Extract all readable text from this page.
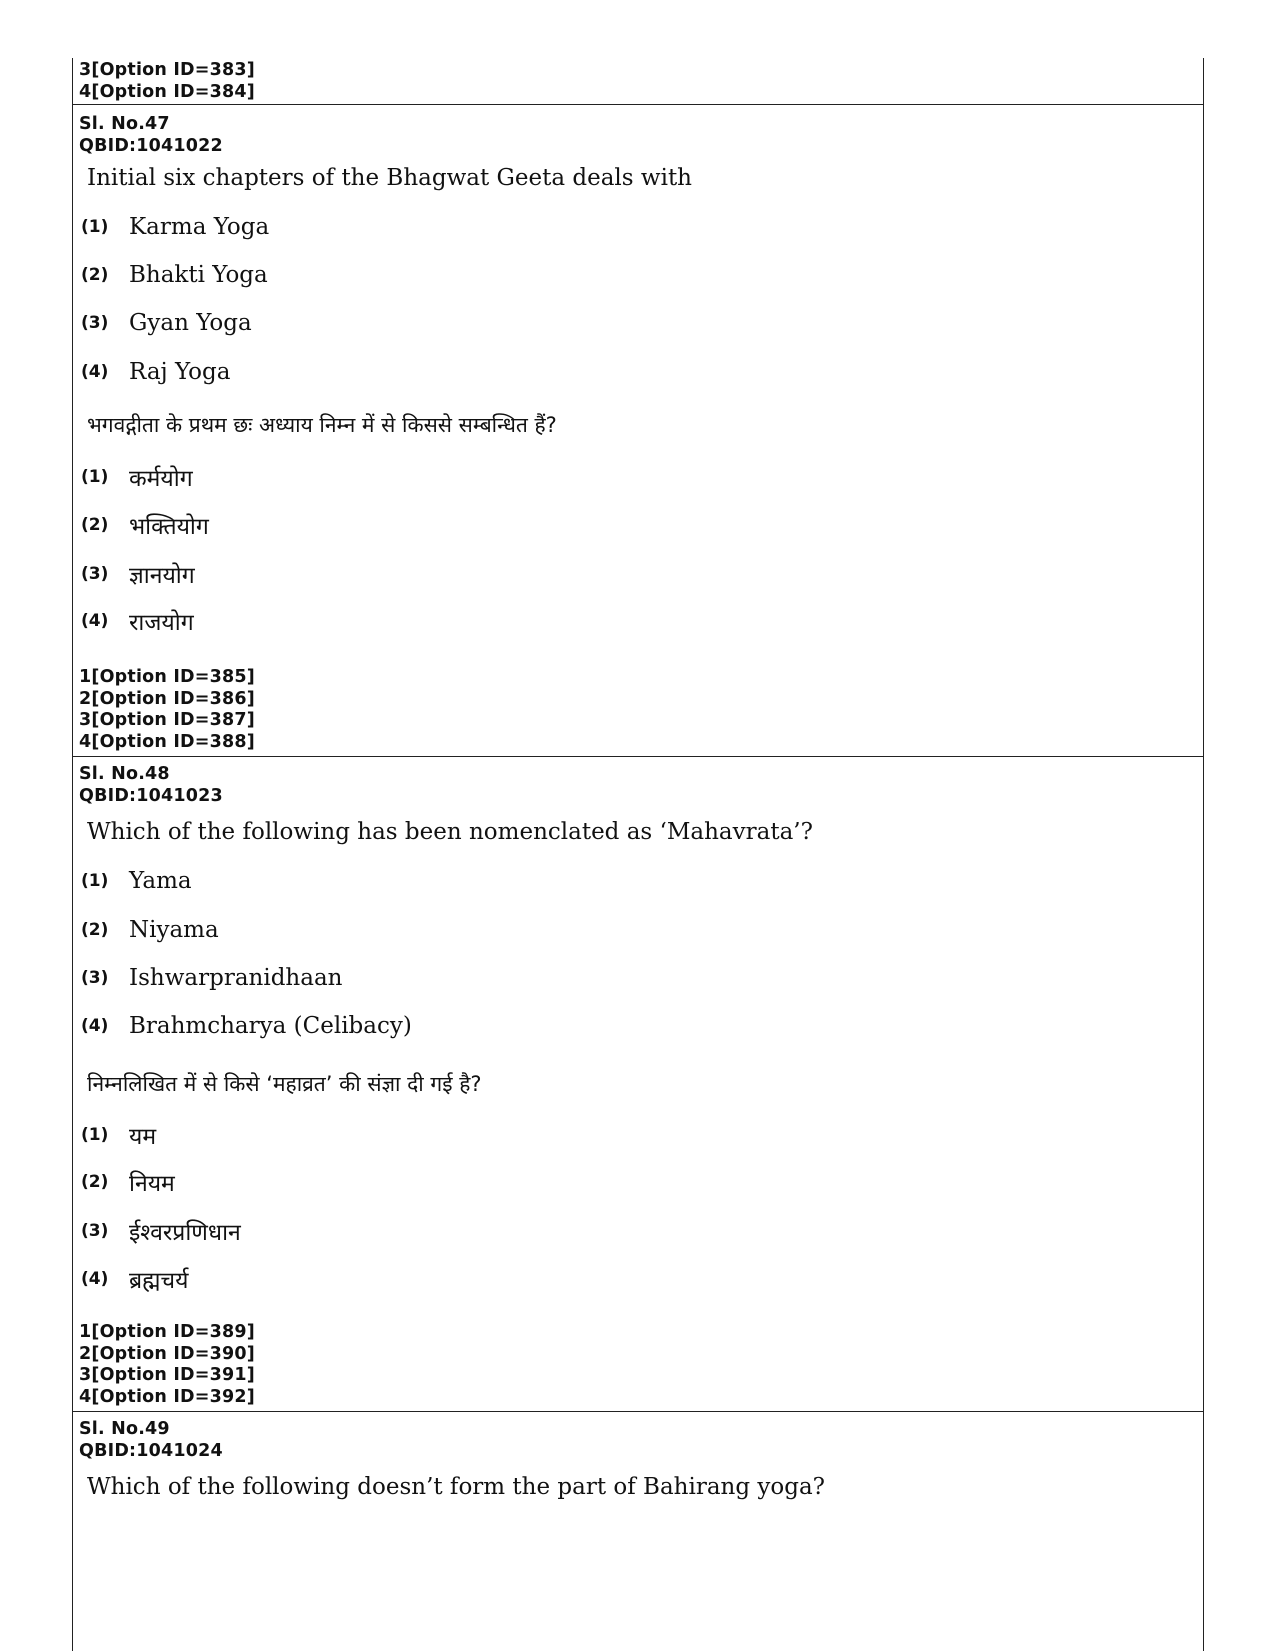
3[Option ID=383]
4[Option ID=384]
Sl. No.47
QBID:1041022
Initial six chapters of the Bhagwat Geeta deals with
(1) Karma Yoga
(2) Bhakti Yoga
(3) Gyan Yoga
(4) Raj Yoga
भगवद्गीता के प्रथम छः अध्याय निम्न में से किससे सम्बन्धित हैं?
(1) कर्मयोग
(2) भक्तियोग
(3) ज्ञानयोग
(4) राजयोग
1[Option ID=385]
2[Option ID=386]
3[Option ID=387]
4[Option ID=388]
Sl. No.48
QBID:1041023
Which of the following has been nomenclated as ‘Mahavrata’?
(1) Yama
(2) Niyama
(3) Ishwarpranidhaan
(4) Brahmcharya (Celibacy)
निम्नलिखित में से किसे ‘महाव्रत’ की संज्ञा दी गई है?
(1) यम
(2) नियम
(3) ईश्वरप्रणिधान
(4) ब्रह्मचर्य
1[Option ID=389]
2[Option ID=390]
3[Option ID=391]
4[Option ID=392]
Sl. No.49
QBID:1041024
Which of the following doesn’t form the part of Bahirang yoga?
